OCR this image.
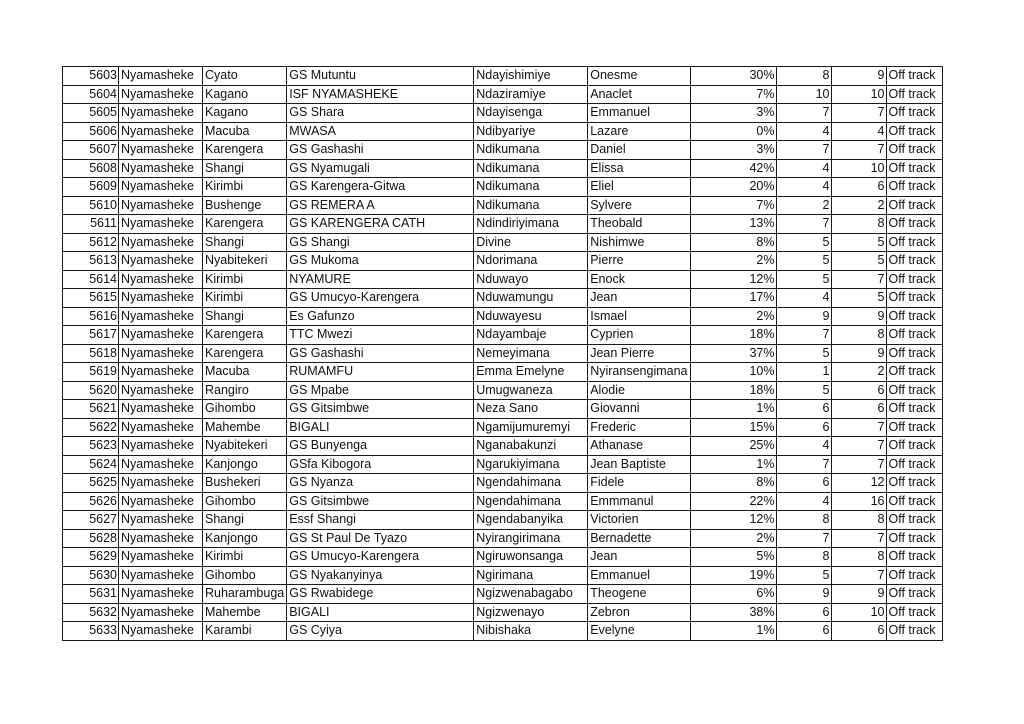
5603	Nyamasheke	Cyato	GS Mutuntu	Ndayishimiye	Onesme	30%	8	9	Off track
5604	Nyamasheke	Kagano	ISF NYAMASHEKE	Ndaziramiye	Anaclet	7%	10	10	Off track
5605	Nyamasheke	Kagano	GS Shara	Ndayisenga	Emmanuel	3%	7	7	Off track
5606	Nyamasheke	Macuba	MWASA	Ndibyariye	Lazare	0%	4	4	Off track
5607	Nyamasheke	Karengera	GS Gashashi	Ndikumana	Daniel	3%	7	7	Off track
5608	Nyamasheke	Shangi	GS Nyamugali	Ndikumana	Elissa	42%	4	10	Off track
5609	Nyamasheke	Kirimbi	GS Karengera-Gitwa	Ndikumana	Eliel	20%	4	6	Off track
5610	Nyamasheke	Bushenge	GS REMERA A	Ndikumana	Sylvere	7%	2	2	Off track
5611	Nyamasheke	Karengera	GS KARENGERA CATH	Ndindiriyimana	Theobald	13%	7	8	Off track
5612	Nyamasheke	Shangi	GS Shangi	Divine	Nishimwe	8%	5	5	Off track
5613	Nyamasheke	Nyabitekeri	GS Mukoma	Ndorimana	Pierre	2%	5	5	Off track
5614	Nyamasheke	Kirimbi	NYAMURE	Nduwayo	Enock	12%	5	7	Off track
5615	Nyamasheke	Kirimbi	GS Umucyo-Karengera	Nduwamungu	Jean	17%	4	5	Off track
5616	Nyamasheke	Shangi	Es Gafunzo	Nduwayesu	Ismael	2%	9	9	Off track
5617	Nyamasheke	Karengera	TTC Mwezi	Ndayambaje	Cyprien	18%	7	8	Off track
5618	Nyamasheke	Karengera	GS Gashashi	Nemeyimana	Jean Pierre	37%	5	9	Off track
5619	Nyamasheke	Macuba	RUMAMFU	Emma Emelyne	Nyiransengimana	10%	1	2	Off track
5620	Nyamasheke	Rangiro	GS Mpabe	Umugwaneza	Alodie	18%	5	6	Off track
5621	Nyamasheke	Gihombo	GS Gitsimbwe	Neza Sano	Giovanni	1%	6	6	Off track
5622	Nyamasheke	Mahembe	BIGALI	Ngamijumuremyi	Frederic	15%	6	7	Off track
5623	Nyamasheke	Nyabitekeri	GS Bunyenga	Nganabakunzi	Athanase	25%	4	7	Off track
5624	Nyamasheke	Kanjongo	GSfa Kibogora	Ngarukiyimana	Jean Baptiste	1%	7	7	Off track
5625	Nyamasheke	Bushekeri	GS Nyanza	Ngendahimana	Fidele	8%	6	12	Off track
5626	Nyamasheke	Gihombo	GS Gitsimbwe	Ngendahimana	Emmmanul	22%	4	16	Off track
5627	Nyamasheke	Shangi	Essf Shangi	Ngendabanyika	Victorien	12%	8	8	Off track
5628	Nyamasheke	Kanjongo	GS St Paul De Tyazo	Nyirangirimana	Bernadette	2%	7	7	Off track
5629	Nyamasheke	Kirimbi	GS Umucyo-Karengera	Ngiruwonsanga	Jean	5%	8	8	Off track
5630	Nyamasheke	Gihombo	GS Nyakanyinya	Ngirimana	Emmanuel	19%	5	7	Off track
5631	Nyamasheke	Ruharambuga	GS Rwabidege	Ngizwenabagabo	Theogene	6%	9	9	Off track
5632	Nyamasheke	Mahembe	BIGALI	Ngizwenayo	Zebron	38%	6	10	Off track
5633	Nyamasheke	Karambi	GS Cyiya	Nibishaka	Evelyne	1%	6	6	Off track
